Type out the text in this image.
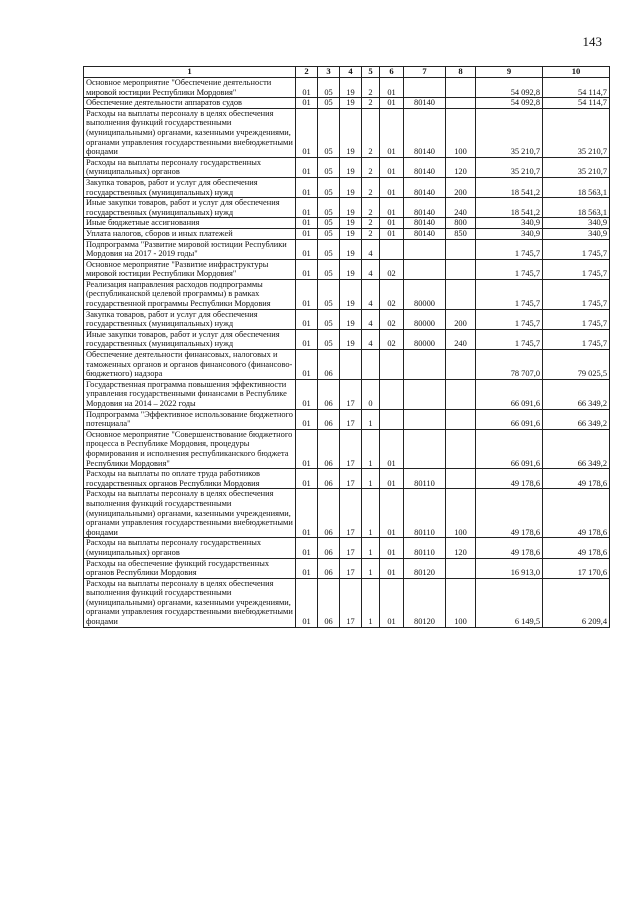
143
1	2	3	4	5	6	7	8	9	10
Основное мероприятие "Обеспечение деятельности мировой юстиции Республики Мордовия"	01	05	19	2	01			54 092,8	54 114,7
Обеспечение деятельности аппаратов судов	01	05	19	2	01	80140		54 092,8	54 114,7
Расходы на выплаты персоналу в целях обеспечения выполнения функций государственными (муниципальными) органами, казенными учреждениями, органами управления государственными внебюджетными фондами	01	05	19	2	01	80140	100	35 210,7	35 210,7
Расходы на выплаты персоналу государственных (муниципальных) органов	01	05	19	2	01	80140	120	35 210,7	35 210,7
Закупка товаров, работ и услуг для обеспечения государственных (муниципальных) нужд	01	05	19	2	01	80140	200	18 541,2	18 563,1
Иные закупки товаров, работ и услуг для обеспечения государственных (муниципальных) нужд	01	05	19	2	01	80140	240	18 541,2	18 563,1
Иные бюджетные ассигнования	01	05	19	2	01	80140	800	340,9	340,9
Уплата налогов, сборов и иных платежей	01	05	19	2	01	80140	850	340,9	340,9
Подпрограмма "Развитие мировой юстиции Республики Мордовия на 2017 - 2019 годы"	01	05	19	4				1 745,7	1 745,7
Основное мероприятие "Развитие инфраструктуры мировой юстиции Республики Мордовия"	01	05	19	4	02			1 745,7	1 745,7
Реализация направления расходов подпрограммы (республиканской целевой программы) в рамках государственной программы Республики Мордовия	01	05	19	4	02	80000		1 745,7	1 745,7
Закупка товаров, работ и услуг для обеспечения государственных (муниципальных) нужд	01	05	19	4	02	80000	200	1 745,7	1 745,7
Иные закупки товаров, работ и услуг для обеспечения государственных (муниципальных) нужд	01	05	19	4	02	80000	240	1 745,7	1 745,7
Обеспечение деятельности финансовых, налоговых и таможенных органов и органов финансового (финансово-бюджетного) надзора	01	06						78 707,0	79 025,5
Государственная программа повышения эффективности управления государственными финансами в Республике Мордовия на 2014 – 2022 годы	01	06	17	0				66 091,6	66 349,2
Подпрограмма "Эффективное использование бюджетного потенциала"	01	06	17	1				66 091,6	66 349,2
Основное мероприятие "Совершенствование бюджетного процесса в Республике Мордовия, процедуры формирования и исполнения республиканского бюджета Республики Мордовия"	01	06	17	1	01			66 091,6	66 349,2
Расходы на выплаты по оплате труда работников государственных органов Республики Мордовия	01	06	17	1	01	80110		49 178,6	49 178,6
Расходы на выплаты персоналу в целях обеспечения выполнения функций государственными (муниципальными) органами, казенными учреждениями, органами управления государственными внебюджетными фондами	01	06	17	1	01	80110	100	49 178,6	49 178,6
Расходы на выплаты персоналу государственных (муниципальных) органов	01	06	17	1	01	80110	120	49 178,6	49 178,6
Расходы на обеспечение функций государственных органов Республики Мордовия	01	06	17	1	01	80120		16 913,0	17 170,6
Расходы на выплаты персоналу в целях обеспечения выполнения функций государственными (муниципальными) органами, казенными учреждениями, органами управления государственными внебюджетными фондами	01	06	17	1	01	80120	100	6 149,5	6 209,4
